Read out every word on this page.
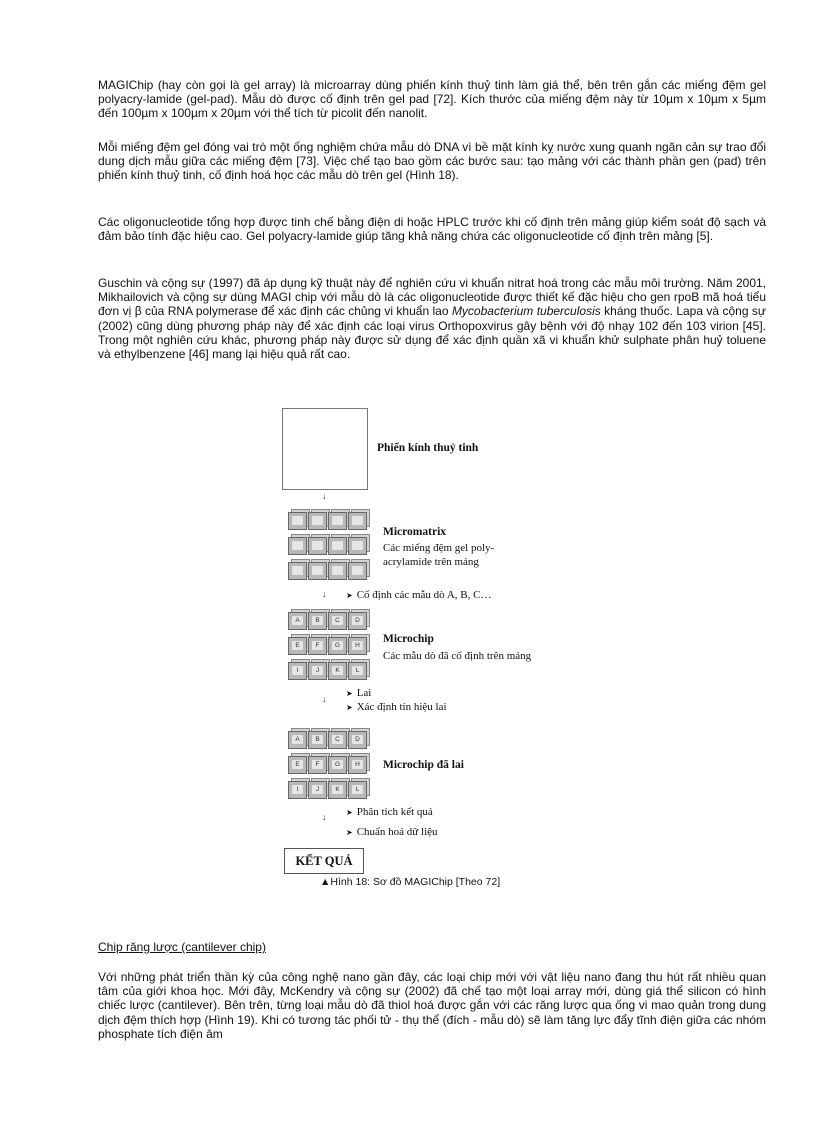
MAGIChip (hay còn gọi là gel array) là microarray dùng phiến kính thuỷ tinh làm giá thể, bên trên gắn các miếng đệm gel polyacry-lamide (gel-pad). Mẫu dò được cố định trên gel pad [72]. Kích thước của miếng đệm này từ 10µm x 10µm x 5µm đến 100µm x 100µm x 20µm với thể tích từ picolit đến nanolit.

Mỗi miếng đệm gel đóng vai trò một ống nghiệm chứa mẫu dò DNA vì bề mặt kính kỵ nước xung quanh ngăn cản sự trao đổi dung dịch mẫu giữa các miếng đệm [73]. Việc chế tạo bao gồm các bước sau: tạo mảng với các thành phần gen (pad) trên phiến kính thuỷ tinh, cố định hoá học các mẫu dò trên gel (Hình 18).

Các oligonucleotide tổng hợp được tinh chế bằng điện di hoặc HPLC trước khi cố định trên mảng giúp kiểm soát độ sạch và đảm bảo tính đặc hiệu cao. Gel polyacry-lamide giúp tăng khả năng chứa các oligonucleotide cố định trên mảng [5].

Guschin và cộng sự (1997) đã áp dụng kỹ thuật này để nghiên cứu vi khuẩn nitrat hoá trong các mẫu môi trường. Năm 2001, Mikhailovich và cộng sự dùng MAGI chip với mẫu dò là các oligonucleotide được thiết kế đặc hiệu cho gen rpoB mã hoá tiểu đơn vị β của RNA polymerase để xác định các chủng vi khuẩn lao Mycobacterium tuberculosis kháng thuốc. Lapa và cộng sự (2002) cũng dùng phương pháp này để xác định các loại virus Orthopoxvirus gây bệnh với độ nhạy 102 đến 103 virion [45]. Trong một nghiên cứu khác, phương pháp này được sử dụng để xác định quần xã vi khuẩn khử sulphate phân huỷ toluene và ethylbenzene [46] mang lại hiệu quả rất cao.

Phiến kính thuỷ tinh
↓
Micromatrix
Các miếng đệm gel poly-
acrylamide trên mảng
↓ ➤ Cố định các mẫu dò A, B, C…
A	B	C	D
E	F	G	H
I	J	K	L
Microchip
Các mẫu dò đã cố định trên mảng
↓
➤ Lai
➤ Xác định tín hiệu lai
A	B	C	D
E	F	G	H
I	J	K	L
Microchip đã lai
↓ ➤ Phân tích kết quả
➤ Chuẩn hoá dữ liệu
KẾT QUẢ
▲Hình 18: Sơ đồ MAGIChip [Theo 72]

Chip răng lược (cantilever chip)

Với những phát triển thần kỳ của công nghệ nano gần đây, các loại chip mới với vật liệu nano đang thu hút rất nhiều quan tâm của giới khoa học. Mới đây, McKendry và cộng sự (2002) đã chế tạo một loại array mới, dùng giá thể silicon có hình chiếc lược (cantilever). Bên trên, từng loại mẫu dò đã thiol hoá được gắn với các răng lược qua ống vi mao quản trong dung dịch đệm thích hợp (Hình 19). Khi có tương tác phối tử - thụ thể (đích - mẫu dò) sẽ làm tăng lực đẩy tĩnh điện giữa các nhóm phosphate tích điện âm
